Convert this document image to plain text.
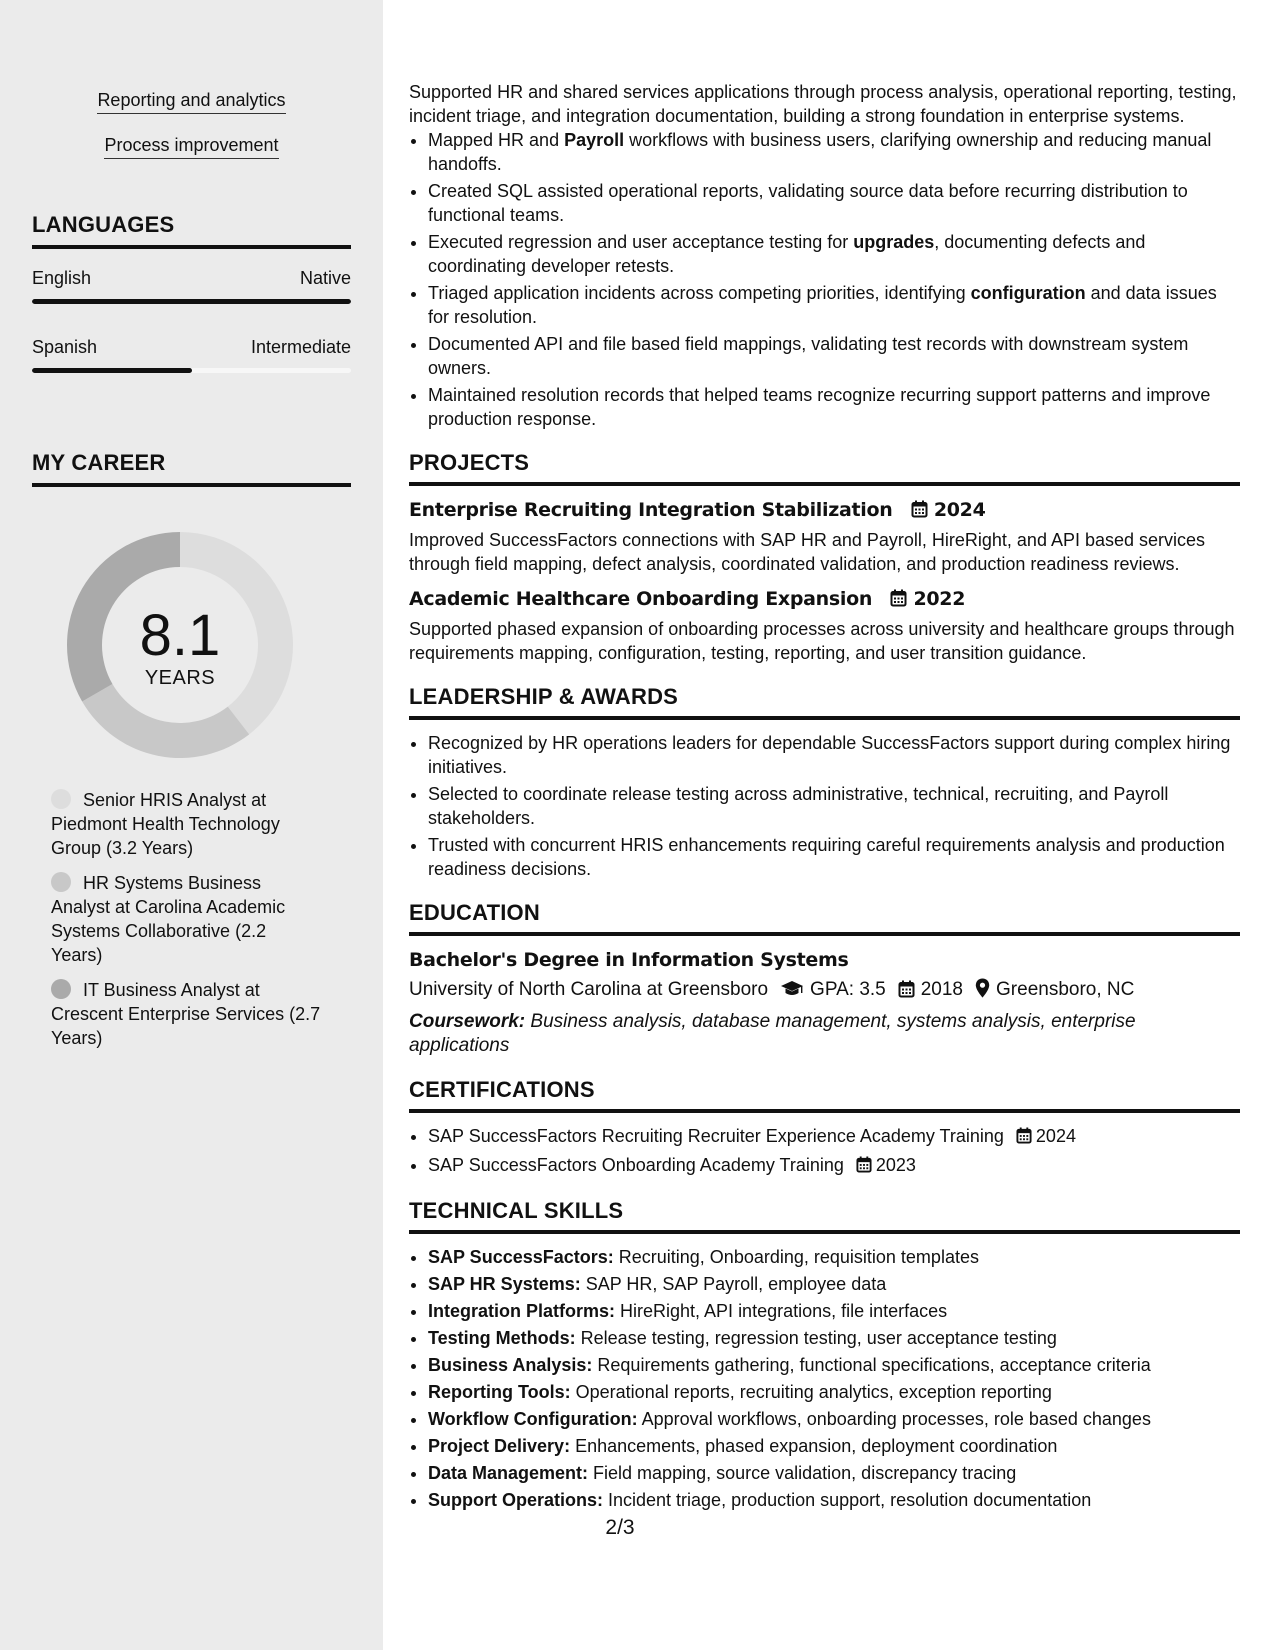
Reporting and analytics
Process improvement
LANGUAGES
English	Native
Spanish	Intermediate
MY CAREER
8.1
YEARS
Senior HRIS Analyst at Piedmont Health Technology Group (3.2 Years)
HR Systems Business Analyst at Carolina Academic Systems Collaborative (2.2 Years)
IT Business Analyst at Crescent Enterprise Services (2.7 Years)

Supported HR and shared services applications through process analysis, operational reporting, testing, incident triage, and integration documentation, building a strong foundation in enterprise systems.

• Mapped HR and Payroll workflows with business users, clarifying ownership and reducing manual handoffs.
• Created SQL assisted operational reports, validating source data before recurring distribution to functional teams.
• Executed regression and user acceptance testing for upgrades, documenting defects and coordinating developer retests.
• Triaged application incidents across competing priorities, identifying configuration and data issues for resolution.
• Documented API and file based field mappings, validating test records with downstream system owners.
• Maintained resolution records that helped teams recognize recurring support patterns and improve production response.
PROJECTS
Enterprise Recruiting Integration Stabilization 2024

Improved SuccessFactors connections with SAP HR and Payroll, HireRight, and API based services through field mapping, defect analysis, coordinated validation, and production readiness reviews.

Academic Healthcare Onboarding Expansion 2022

Supported phased expansion of onboarding processes across university and healthcare groups through requirements mapping, configuration, testing, reporting, and user transition guidance.

LEADERSHIP & AWARDS
• Recognized by HR operations leaders for dependable SuccessFactors support during complex hiring initiatives.
• Selected to coordinate release testing across administrative, technical, recruiting, and Payroll stakeholders.
• Trusted with concurrent HRIS enhancements requiring careful requirements analysis and production readiness decisions.
EDUCATION
Bachelor's Degree in Information Systems
University of North Carolina at Greensboro GPA: 3.5 2018 Greensboro, NC
Coursework: Business analysis, database management, systems analysis, enterprise applications
CERTIFICATIONS
• SAP SuccessFactors Recruiting Recruiter Experience Academy Training 2024
• SAP SuccessFactors Onboarding Academy Training 2023
TECHNICAL SKILLS
• SAP SuccessFactors: Recruiting, Onboarding, requisition templates
• SAP HR Systems: SAP HR, SAP Payroll, employee data
• Integration Platforms: HireRight, API integrations, file interfaces
• Testing Methods: Release testing, regression testing, user acceptance testing
• Business Analysis: Requirements gathering, functional specifications, acceptance criteria
• Reporting Tools: Operational reports, recruiting analytics, exception reporting
• Workflow Configuration: Approval workflows, onboarding processes, role based changes
• Project Delivery: Enhancements, phased expansion, deployment coordination
• Data Management: Field mapping, source validation, discrepancy tracing
• Support Operations: Incident triage, production support, resolution documentation
2/3
